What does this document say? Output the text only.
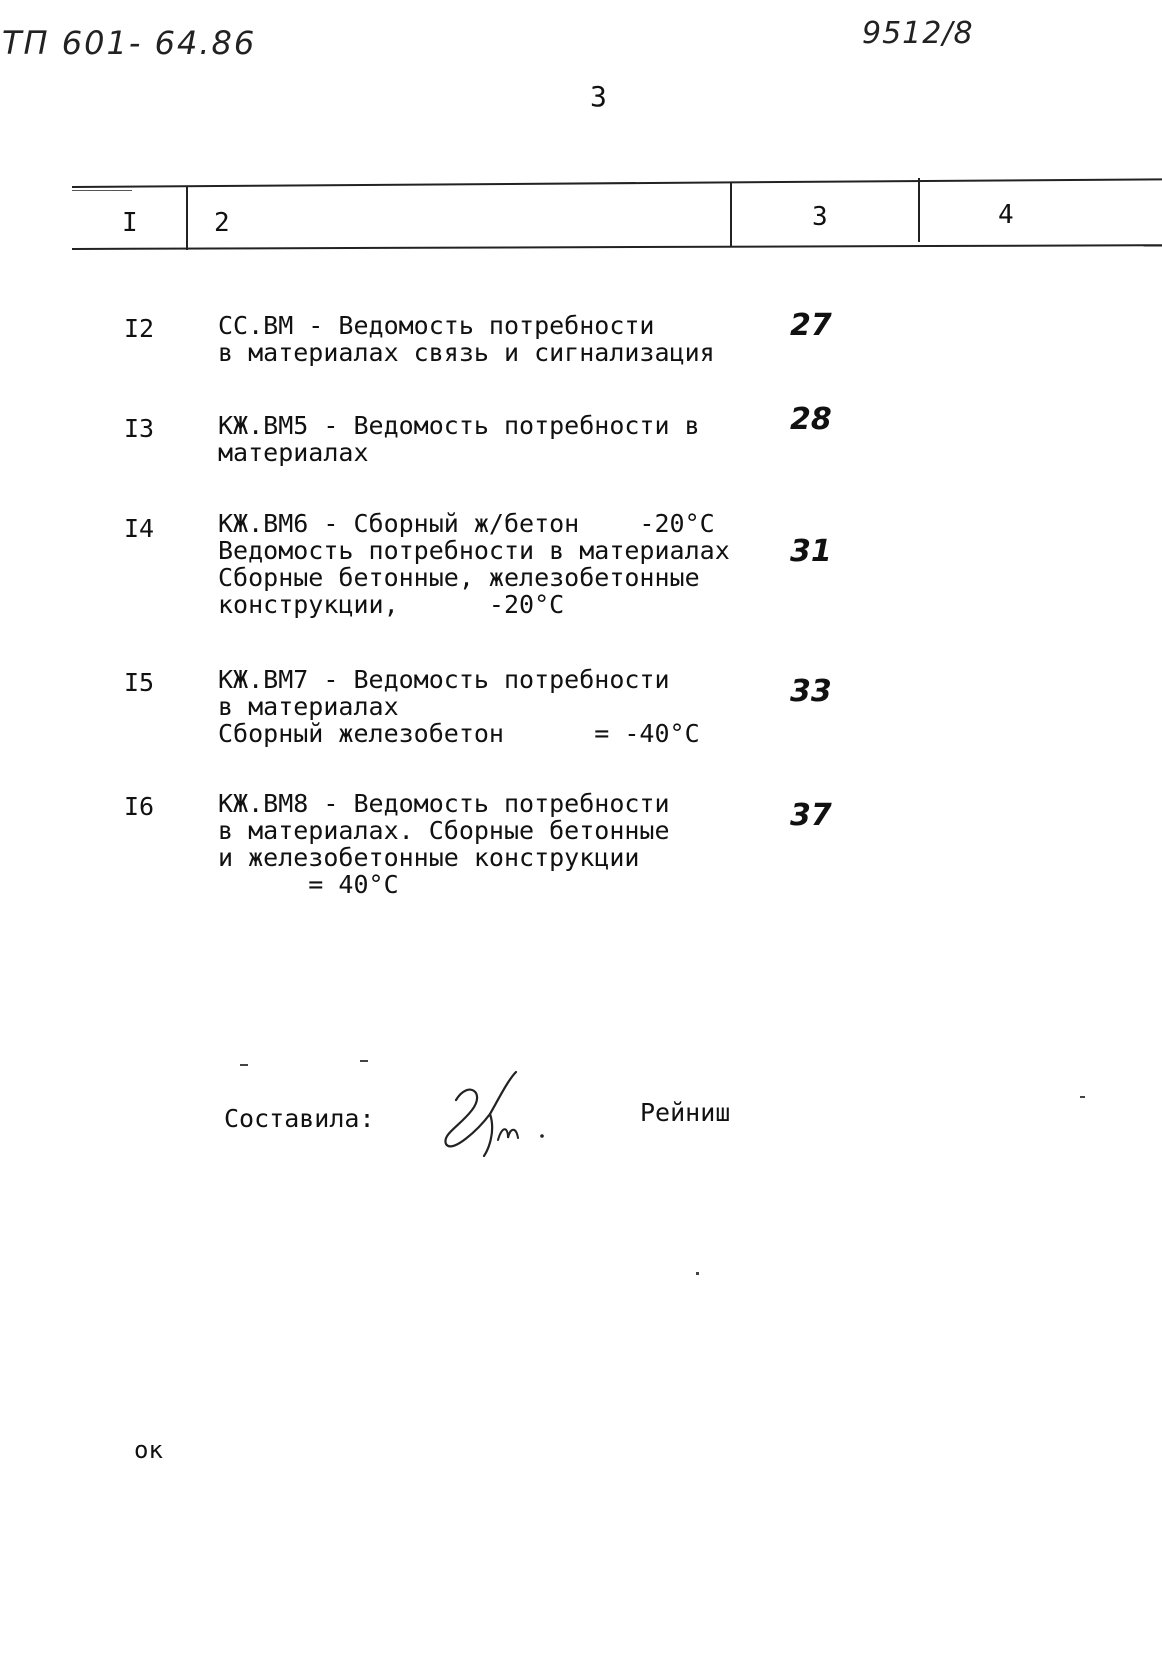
ТП 601- 64.86	9512/8
3
I	2	3	4
I2	СС.ВМ - Ведомость потребности
в материалах связь и сигнализация
27
I3	КЖ.ВМ5 - Ведомость потребности в
материалах
28
I4	КЖ.ВМ6 - Сборный ж/бетон    -20°С
Ведомость потребности в материалах
Сборные бетонные, железобетонные
конструкции,      -20°С
31
I5	КЖ.ВМ7 - Ведомость потребности
в материалах
Сборный железобетон      = -40°С
33
I6	КЖ.ВМ8 - Ведомость потребности
в материалах. Сборные бетонные
и железобетонные конструкции
= 40°С
37
Составила:	Рейниш
ок
